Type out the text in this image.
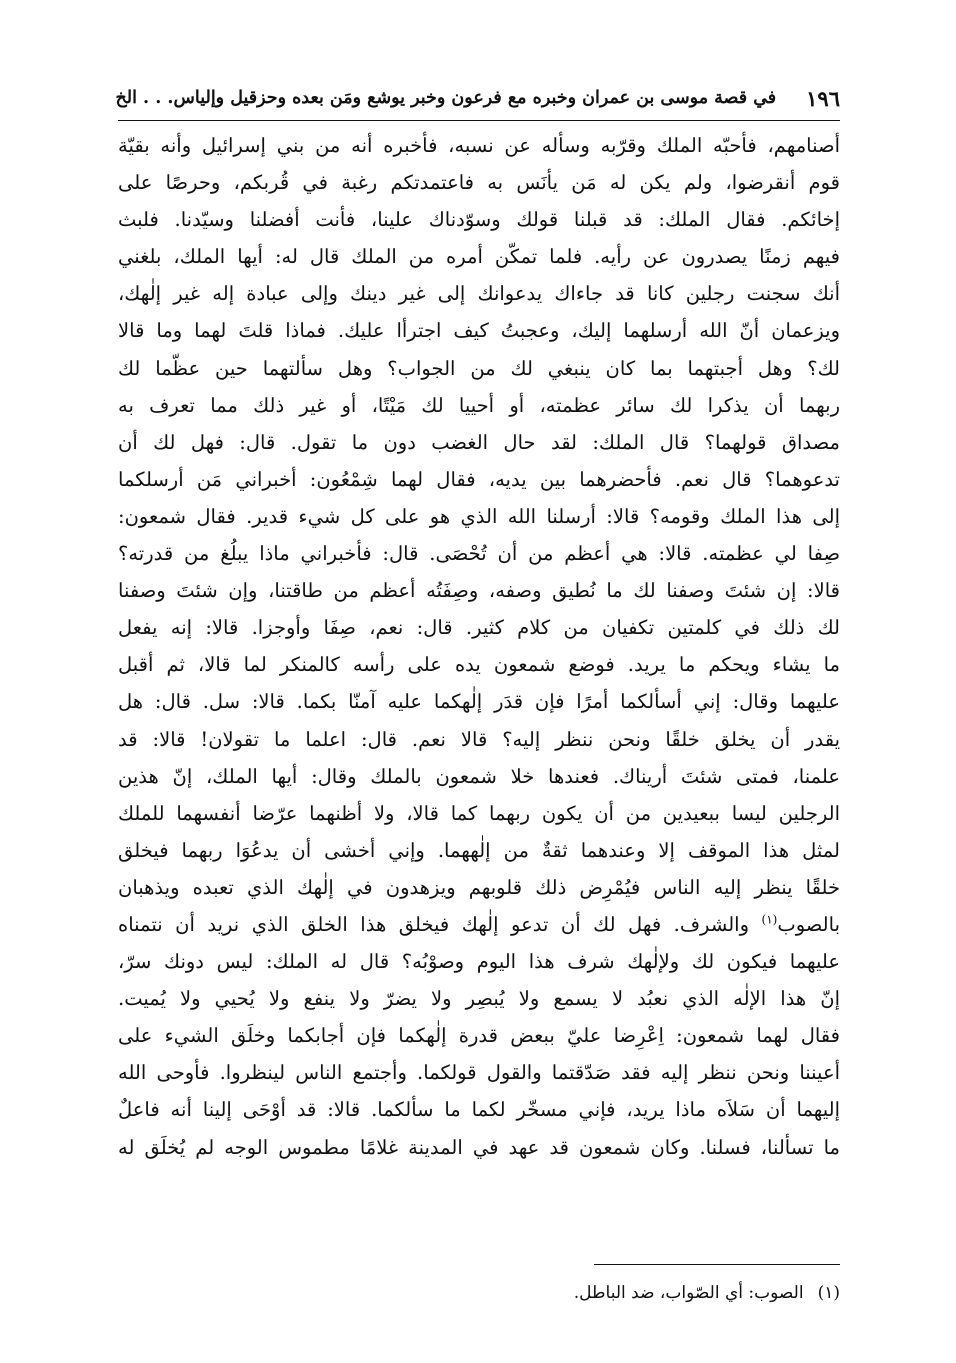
١٩٦
في قصة موسى بن عمران وخبره مع فرعون وخبر يوشع ومَن بعده وحزقيل وإلياس. . . الخ
أصنامهم، فأحبّه الملك وقرّبه وسأله عن نسبه، فأخبره أنه من بني إسرائيل وأنه بقيّة
قوم أنقرضوا، ولم يكن له مَن يأنَس به فاعتمدتكم رغبة في قُربكم، وحرصًا على
إخائكم. فقال الملك: قد قبلنا قولك وسوّدناك علينا، فأنت أفضلنا وسيّدنا. فلبث
فيهم زمنًا يصدرون عن رأيه. فلما تمكّن أمره من الملك قال له: أيها الملك، بلغني
أنك سجنت رجلين كانا قد جاءاك يدعوانك إلى غير دينك وإلى عبادة إله غير إلٰهك،
ويزعمان أنّ الله أرسلهما إليك، وعجبتُ كيف اجترأا عليك. فماذا قلتَ لهما وما قالا
لك؟ وهل أجبتهما بما كان ينبغي لك من الجواب؟ وهل سألتهما حين عظّما لك
ربهما أن يذكرا لك سائر عظمته، أو أحييا لك مَيْتًا، أو غير ذلك مما تعرف به
مصداق قولهما؟ قال الملك: لقد حال الغضب دون ما تقول. قال: فهل لك أن
تدعوهما؟ قال نعم. فأحضرهما بين يديه، فقال لهما شِمْعُون: أخبراني مَن أرسلكما
إلى هذا الملك وقومه؟ قالا: أرسلنا الله الذي هو على كل شيء قدير. فقال شمعون:
صِفا لي عظمته. قالا: هي أعظم من أن تُحْصَى. قال: فأخبراني ماذا يبلُغ من قدرته؟
قالا: إن شئتَ وصفنا لك ما نُطيق وصفه، وصِفَتُه أعظم من طاقتنا، وإن شئتَ وصفنا
لك ذلك في كلمتين تكفيان من كلام كثير. قال: نعم، صِفَا وأوجزا. قالا: إنه يفعل
ما يشاء ويحكم ما يريد. فوضع شمعون يده على رأسه كالمنكر لما قالا، ثم أقبل
عليهما وقال: إني أسألكما أمرًا فإن قدَر إلٰهكما عليه آمنّا بكما. قالا: سل. قال: هل
يقدر أن يخلق خلقًا ونحن ننظر إليه؟ قالا نعم. قال: اعلما ما تقولان! قالا: قد
علمنا، فمتى شئتَ أريناك. فعندها خلا شمعون بالملك وقال: أيها الملك، إنّ هذين
الرجلين ليسا ببعيدين من أن يكون ربهما كما قالا، ولا أظنهما عرّضا أنفسهما للملك
لمثل هذا الموقف إلا وعندهما ثقةٌ من إلٰههما. وإني أخشى أن يدعُوَا ربهما فيخلق
خلقًا ينظر إليه الناس فيُمْرِض ذلك قلوبهم ويزهدون في إلٰهك الذي تعبده ويذهبان
بالصوب$^{(١)}$ والشرف. فهل لك أن تدعو إلٰهك فيخلق هذا الخلق الذي نريد أن نتمناه
عليهما فيكون لك ولإلٰهك شرف هذا اليوم وصوْبُه؟ قال له الملك: ليس دونك سرّ،
إنّ هذا الإلٰه الذي نعبُد لا يسمع ولا يُبصِر ولا يضرّ ولا ينفع ولا يُحيي ولا يُميت.
فقال لهما شمعون: اِعْرِضا عليّ ببعض قدرة إلٰهكما فإن أجابكما وخلَق الشيء على
أعيننا ونحن ننظر إليه فقد صَدّقتما والقول قولكما. وأجتمع الناس لينظروا. فأوحى الله
إليهما أن سَلاَه ماذا يريد، فإني مسخّر لكما ما سألكما. قالا: قد أوْحَى إلينا أنه فاعلٌ
ما تسألنا، فسلنا. وكان شمعون قد عهد في المدينة غلامًا مطموس الوجه لم يُخلَق له
(١)الصوب: أي الصّواب، ضد الباطل.
